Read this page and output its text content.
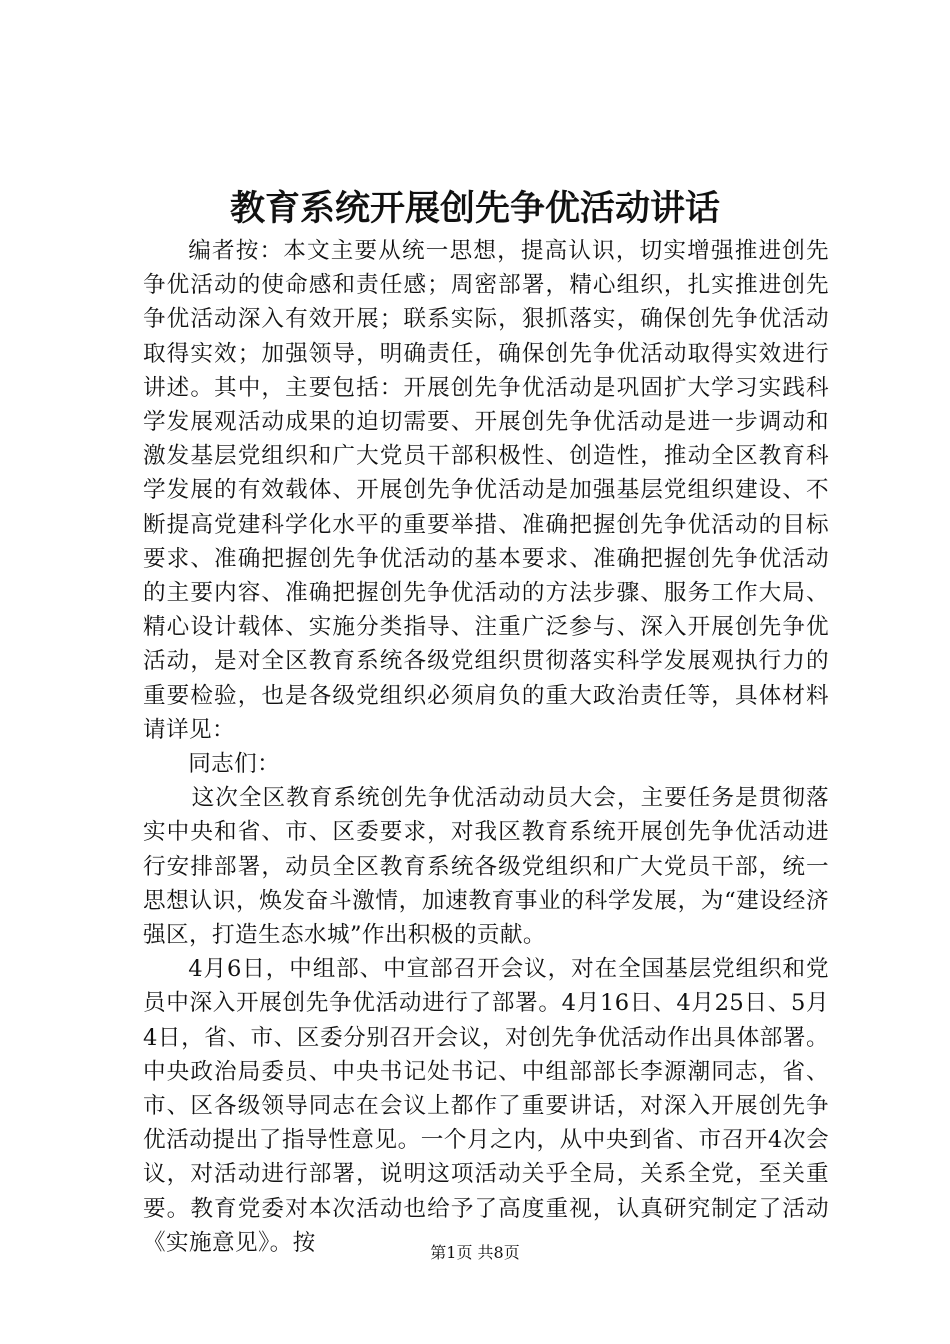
教育系统开展创先争优活动讲话

编者按：本文主要从统一思想，提高认识，切实增强推进创先争优活动的使命感和责任感；周密部署，精心组织，扎实推进创先争优活动深入有效开展；联系实际，狠抓落实，确保创先争优活动取得实效；加强领导，明确责任，确保创先争优活动取得实效进行讲述。其中，主要包括：开展创先争优活动是巩固扩大学习实践科学发展观活动成果的迫切需要、开展创先争优活动是进一步调动和激发基层党组织和广大党员干部积极性、创造性，推动全区教育科学发展的有效载体、开展创先争优活动是加强基层党组织建设、不断提高党建科学化水平的重要举措、准确把握创先争优活动的目标要求、准确把握创先争优活动的基本要求、准确把握创先争优活动的主要内容、准确把握创先争优活动的方法步骤、服务工作大局、精心设计载体、实施分类指导、注重广泛参与、深入开展创先争优活动，是对全区教育系统各级党组织贯彻落实科学发展观执行力的重要检验，也是各级党组织必须肩负的重大政治责任等，具体材料请详见：

同志们：

这次全区教育系统创先争优活动动员大会，主要任务是贯彻落实中央和省、市、区委要求，对我区教育系统开展创先争优活动进行安排部署，动员全区教育系统各级党组织和广大党员干部，统一思想认识，焕发奋斗激情，加速教育事业的科学发展，为“建设经济强区，打造生态水城”作出积极的贡献。

4月6日，中组部、中宣部召开会议，对在全国基层党组织和党员中深入开展创先争优活动进行了部署。4月16日、4月25日、5月4日，省、市、区委分别召开会议，对创先争优活动作出具体部署。中央政治局委员、中央书记处书记、中组部部长李源潮同志，省、市、区各级领导同志在会议上都作了重要讲话，对深入开展创先争优活动提出了指导性意见。一个月之内，从中央到省、市召开4次会议，对活动进行部署，说明这项活动关乎全局，关系全党，至关重要。教育党委对本次活动也给予了高度重视，认真研究制定了活动《实施意见》。按	第1页 共8页
